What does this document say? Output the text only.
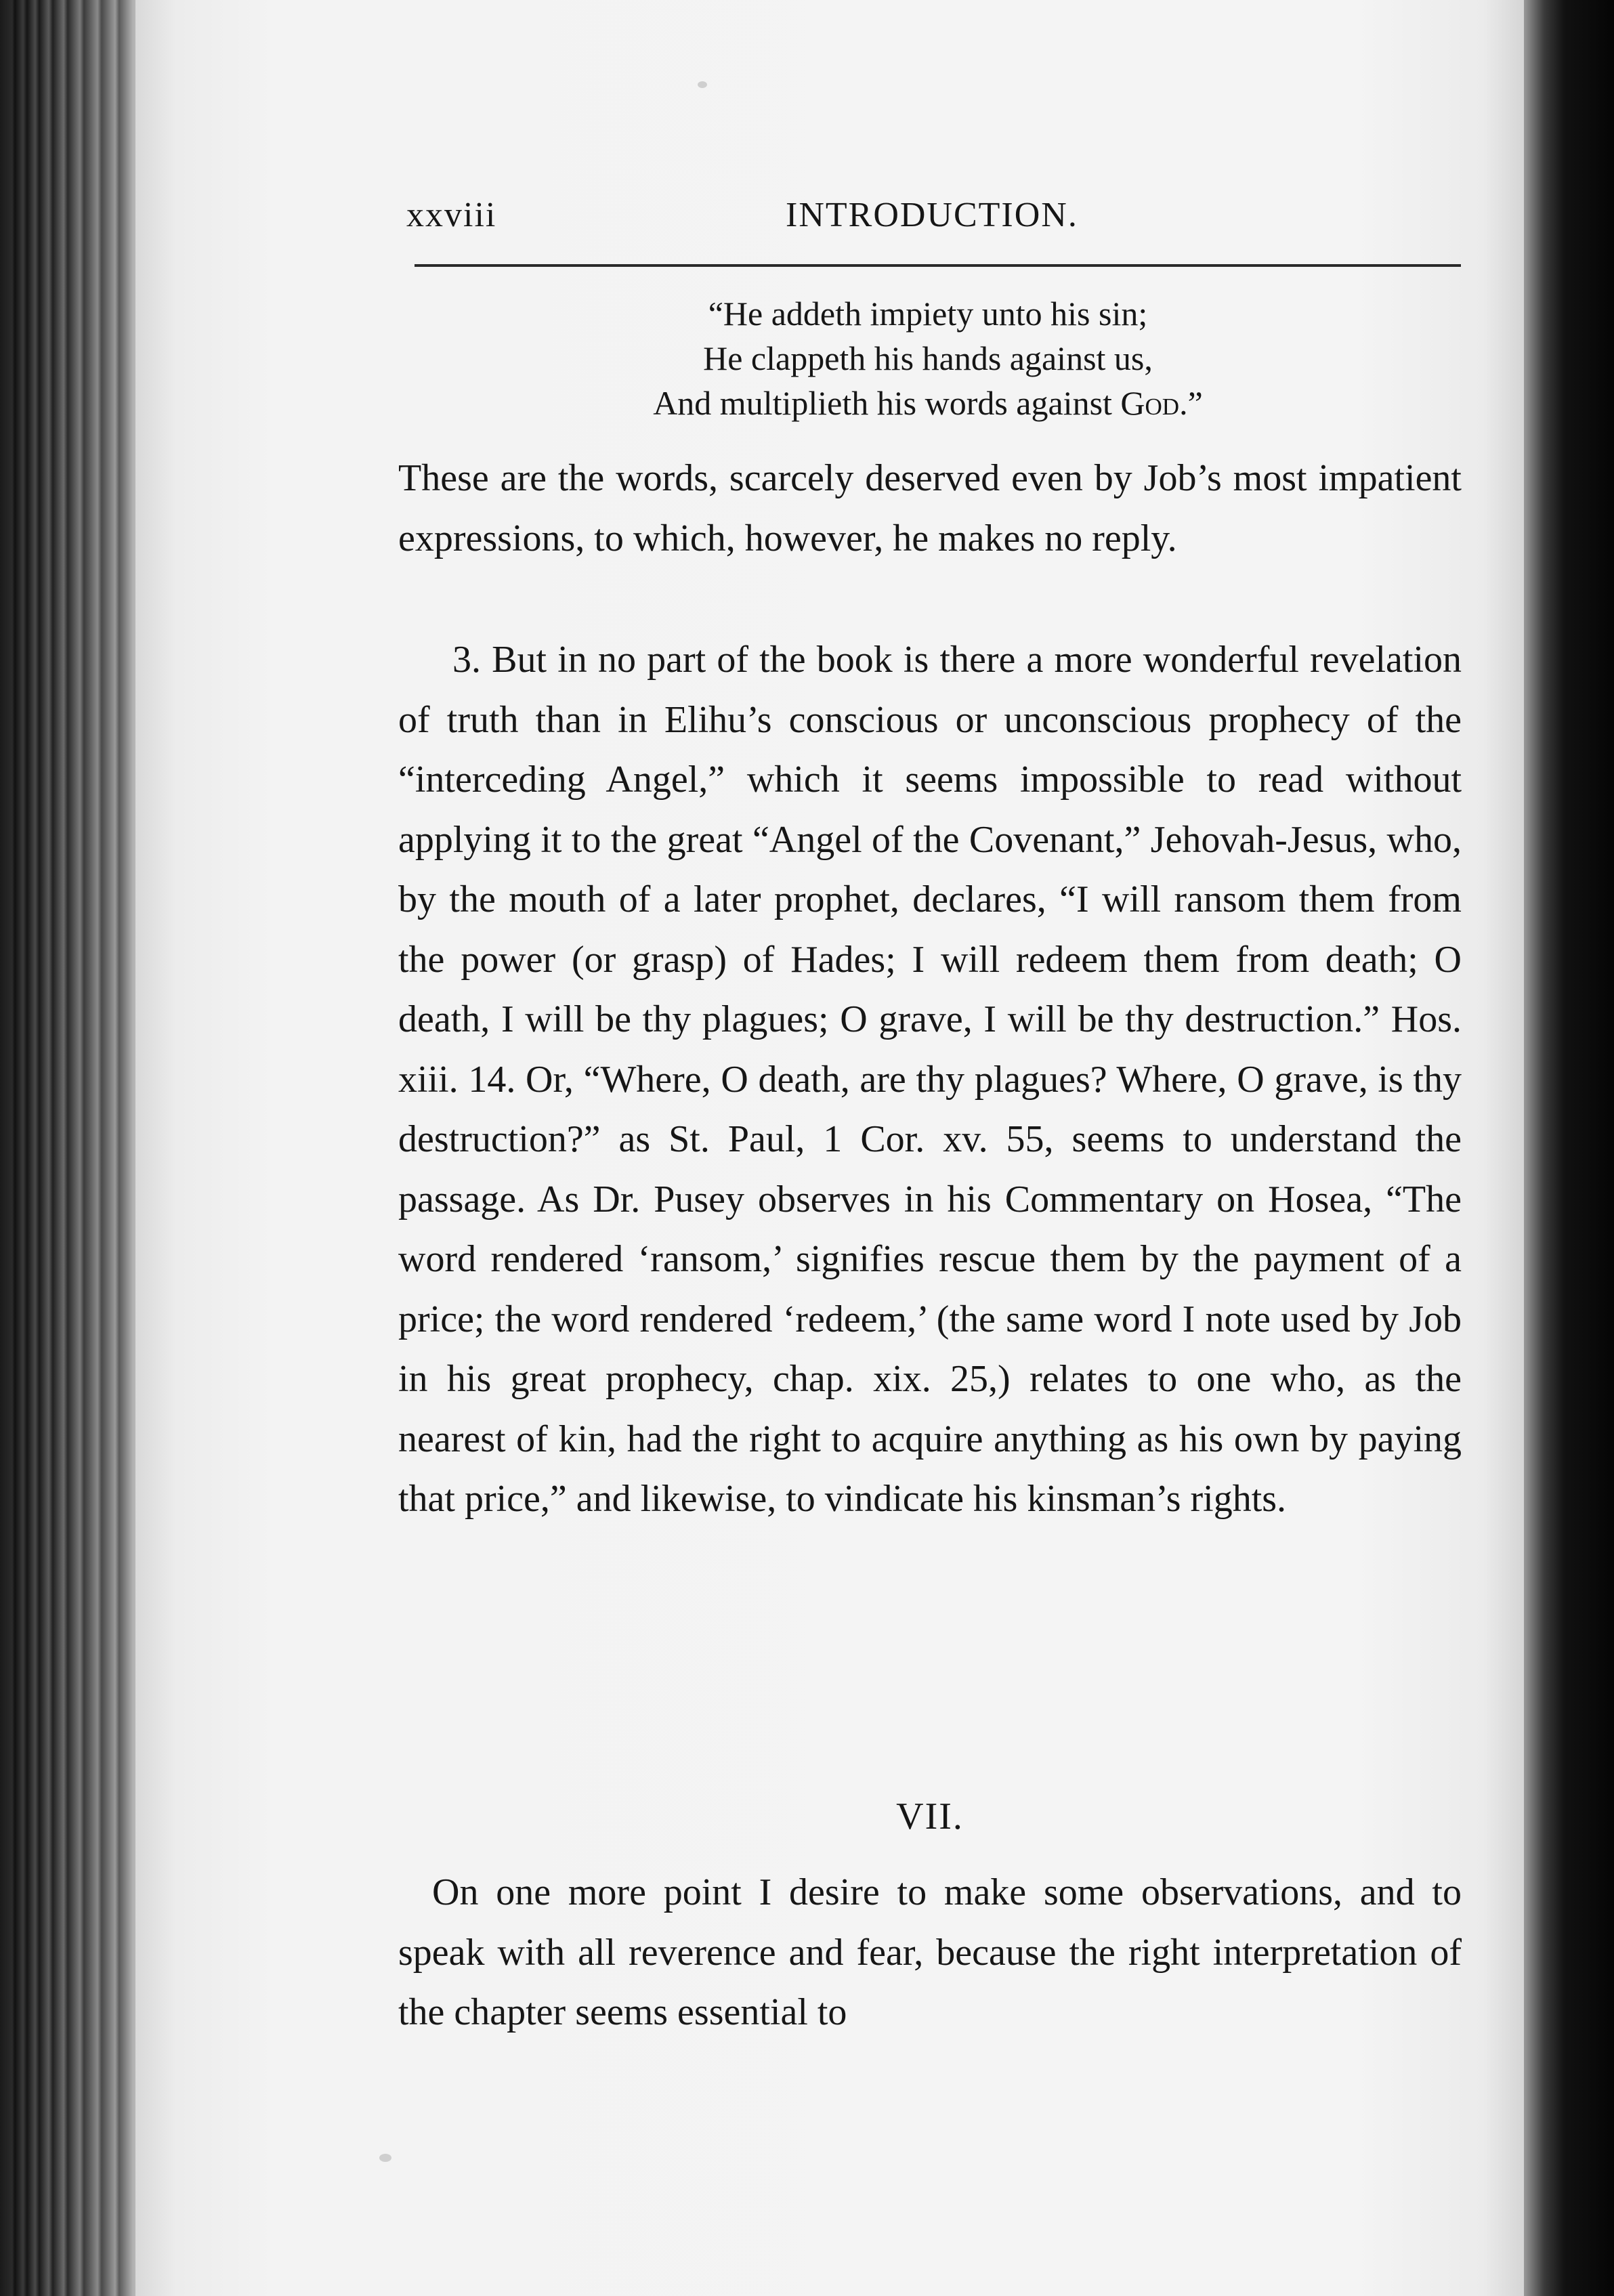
xxviii	INTRODUCTION.
“He addeth impiety unto his sin;
He clappeth his hands against us,
And multiplieth his words against God.”

These are the words, scarcely deserved even by Job’s most impatient expressions, to which, however, he makes no reply.

3. But in no part of the book is there a more wonderful revelation of truth than in Elihu’s conscious or unconscious prophecy of the “interceding Angel,” which it seems impossible to read without applying it to the great “Angel of the Covenant,” Jehovah-Jesus, who, by the mouth of a later prophet, declares, “I will ransom them from the power (or grasp) of Hades; I will redeem them from death; O death, I will be thy plagues; O grave, I will be thy destruction.” Hos. xiii. 14. Or, “Where, O death, are thy plagues? Where, O grave, is thy destruction?” as St. Paul, 1 Cor. xv. 55, seems to understand the passage. As Dr. Pusey observes in his Commentary on Hosea, “The word rendered ‘ransom,’ signifies rescue them by the payment of a price; the word rendered ‘redeem,’ (the same word I note used by Job in his great prophecy, chap. xix. 25,) relates to one who, as the nearest of kin, had the right to acquire anything as his own by paying that price,” and likewise, to vindicate his kinsman’s rights.

VII.

On one more point I desire to make some observations, and to speak with all reverence and fear, because the right interpretation of the chapter seems essential to
